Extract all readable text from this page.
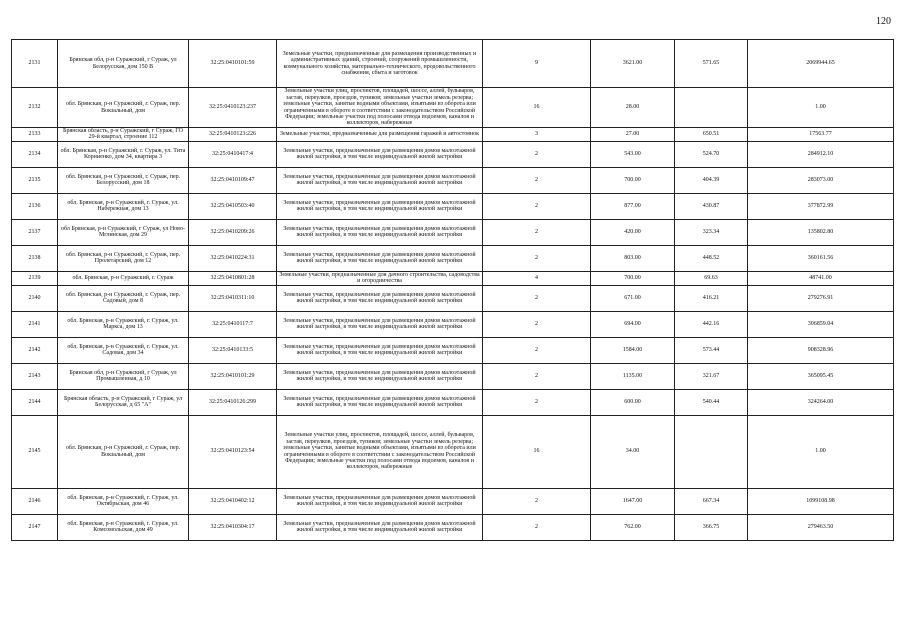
120
2131	Брянская обл, р-н Суражский, г Сураж, ул Белорусская, дом 150 В	32:25:0410101:59	Земельные участки, предназначенные для размещения производственных и административных зданий, строений, сооружений промышленности, коммунального хозяйства, материально-технического, продовольственного снабжения, сбыта и заготовок	9	3621.00	571.65	2069944.65
2132	обл. Брянская, р-н Суражский, г. Сураж, пер. Вокзальный, дом	32:25:0410123:237	Земельные участки улиц, проспектов, площадей, шоссе, аллей, бульваров, застав, переулков, проездов, тупиков; земельные участки земель резерва; земельные участки, занятые водными объектами, изъятыми из оборота или ограниченными в обороте в соответствии с законодательством Российской Федерации; земельные участки под полосами отвода водоемов, каналов и коллекторов, набережные	16	28.00		1.00
2133	Брянская область, р-н Суражский, г Сураж, ГО 29-й квартал, строение 112	32:25:0410123:226	Земельные участки, предназначенные для размещения гаражей и автостоянок	3	27.00	650.51	17563.77
2134	обл. Брянская, р-н Суражский, г. Сураж, ул. Тита Корниенко, дом 34, квартира 3	32:25:0410417:4	Земельные участки, предназначенные для размещения домов малоэтажной жилой застройки, в том числе индивидуальной жилой застройки	2	543.00	524.70	284912.10
2135	обл. Брянская, р-н Суражский, г. Сураж, пер. Белорусский, дом 18	32:25:0410109:47	Земельные участки, предназначенные для размещения домов малоэтажной жилой застройки, в том числе индивидуальной жилой застройки	2	700.00	404.39	283073.00
2136	обл. Брянская, р-н Суражский, г. Сураж, ул. Набережная, дом 13	32:25:0410503:40	Земельные участки, предназначенные для размещения домов малоэтажной жилой застройки, в том числе индивидуальной жилой застройки	2	877.00	430.87	377872.99
2137	обл Брянская, р-н Суражский, г Сураж, ул Ново-Мглинская, дом 29	32:25:0410209:26	Земельные участки, предназначенные для размещения домов малоэтажной жилой застройки, в том числе индивидуальной жилой застройки	2	420.00	323.34	135802.80
2138	обл. Брянская, р-н Суражский, г. Сураж, пер. Пролетарский, дом 12	32:25:0410224:31	Земельные участки, предназначенные для размещения домов малоэтажной жилой застройки, в том числе индивидуальной жилой застройки	2	803.00	448.52	360161.56
2139	обл. Брянская, р-н Суражский, г. Сураж	32:25:0410801:28	Земельные участки, предназначенные для дачного строительства, садоводства и огородничества	4	700.00	69.63	48741.00
2140	обл. Брянская, р-н Суражский, г. Сураж, пер. Садовый, дом 8	32:25:0410311:10	Земельные участки, предназначенные для размещения домов малоэтажной жилой застройки, в том числе индивидуальной жилой застройки	2	671.00	416.21	279276.91
2141	обл. Брянская, р-н Суражский, г. Сураж, ул. Маркса, дом 13	32:25:0410117:7	Земельные участки, предназначенные для размещения домов малоэтажной жилой застройки, в том числе индивидуальной жилой застройки	2	694.00	442.16	306859.04
2142	обл. Брянская, р-н Суражский, г. Сураж, ул. Садовая, дом 34	32:25:0410133:5	Земельные участки, предназначенные для размещения домов малоэтажной жилой застройки, в том числе индивидуальной жилой застройки	2	1584.00	573.44	908328.96
2143	Брянская обл, р-н Суражский, г Сураж, ул Промышленная, д 10	32:25:0410101:29	Земельные участки, предназначенные для размещения домов малоэтажной жилой застройки, в том числе индивидуальной жилой застройки	2	1135.00	321.67	365095.45
2144	Брянская область, р-н Суражский, г Сураж, ул Белорусская, д 65 "А"	32:25:0410126:299	Земельные участки, предназначенные для размещения домов малоэтажной жилой застройки, в том числе индивидуальной жилой застройки	2	600.00	540.44	324264.00
2145	обл. Брянская, р-н Суражский, г. Сураж, пер. Вокзальный, дом	32:25:0410123:54	Земельные участки улиц, проспектов, площадей, шоссе, аллей, бульваров, застав, переулков, проездов, тупиков; земельные участки земель резерва; земельные участки, занятые водными объектами, изъятыми из оборота или ограниченными в обороте в соответствии с законодательством Российской Федерации; земельные участки под полосами отвода водоемов, каналов и коллекторов, набережные	16	34.00		1.00
2146	обл. Брянская, р-н Суражский, г. Сураж, ул. Октябрьская, дом 46	32:25:0410402:12	Земельные участки, предназначенные для размещения домов малоэтажной жилой застройки, в том числе индивидуальной жилой застройки	2	1647.00	667.34	1099108.98
2147	обл. Брянская, р-н Суражский, г. Сураж, ул. Комсомольская, дом 49	32:25:0410304:17	Земельные участки, предназначенные для размещения домов малоэтажной жилой застройки, в том числе индивидуальной жилой застройки	2	762.00	366.75	279463.50
